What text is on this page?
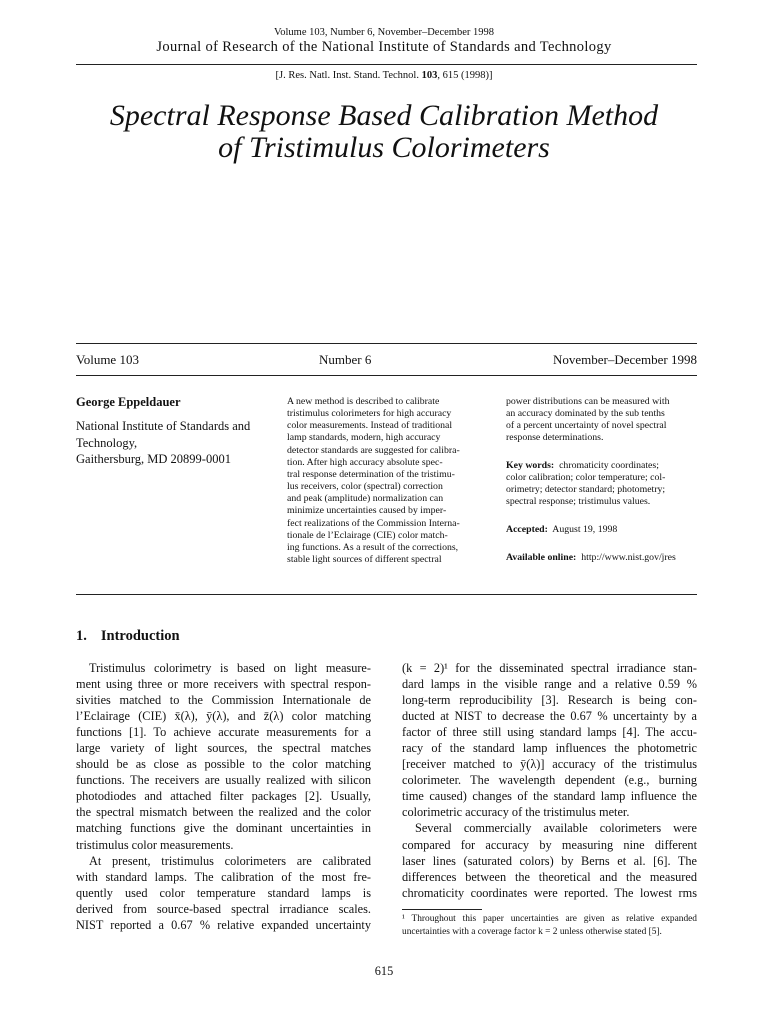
Volume 103, Number 6, November–December 1998
Journal of Research of the National Institute of Standards and Technology
[J. Res. Natl. Inst. Stand. Technol. 103, 615 (1998)]
Spectral Response Based Calibration Method
of Tristimulus Colorimeters
Volume 103	Number 6	November–December 1998
George Eppeldauer
National Institute of Standards and
Technology,
Gaithersburg, MD 20899-0001
A new method is described to calibrate
tristimulus colorimeters for high accuracy
color measurements. Instead of traditional
lamp standards, modern, high accuracy
detector standards are suggested for calibra-
tion. After high accuracy absolute spec-
tral response determination of the tristimu-
lus receivers, color (spectral) correction
and peak (amplitude) normalization can
minimize uncertainties caused by imper-
fect realizations of the Commission Interna-
tionale de l’Eclairage (CIE) color match-
ing functions. As a result of the corrections,
stable light sources of different spectral
power distributions can be measured with
an accuracy dominated by the sub tenths
of a percent uncertainty of novel spectral
response determinations.
Key words: chromaticity coordinates;
color calibration; color temperature; col-
orimetry; detector standard; photometry;
spectral response; tristimulus values.
Accepted: August 19, 1998
Available online: http://www.nist.gov/jres
1. Introduction
Tristimulus colorimetry is based on light measure-
ment using three or more receivers with spectral respon-
sivities matched to the Commission Internationale de
l’Eclairage (CIE) x̄(λ), ȳ(λ), and z̄(λ) color matching
functions [1]. To achieve accurate measurements for a
large variety of light sources, the spectral matches
should be as close as possible to the color matching
functions. The receivers are usually realized with silicon
photodiodes and attached filter packages [2]. Usually,
the spectral mismatch between the realized and the color
matching functions give the dominant uncertainties in
tristimulus color measurements.
At present, tristimulus colorimeters are calibrated
with standard lamps. The calibration of the most fre-
quently used color temperature standard lamps is
derived from source-based spectral irradiance scales.
NIST reported a 0.67 % relative expanded uncertainty
(k = 2)¹ for the disseminated spectral irradiance stan-
dard lamps in the visible range and a relative 0.59 %
long-term reproducibility [3]. Research is being con-
ducted at NIST to decrease the 0.67 % uncertainty by a
factor of three still using standard lamps [4]. The accu-
racy of the standard lamp influences the photometric
[receiver matched to ȳ(λ)] accuracy of the tristimulus
colorimeter. The wavelength dependent (e.g., burning
time caused) changes of the standard lamp influence the
colorimetric accuracy of the tristimulus meter.
Several commercially available colorimeters were
compared for accuracy by measuring nine different
laser lines (saturated colors) by Berns et al. [6]. The
differences between the theoretical and the measured
chromaticity coordinates were reported. The lowest rms
¹ Throughout this paper uncertainties are given as relative expanded uncertainties with a coverage factor k = 2 unless otherwise stated [5].
615
